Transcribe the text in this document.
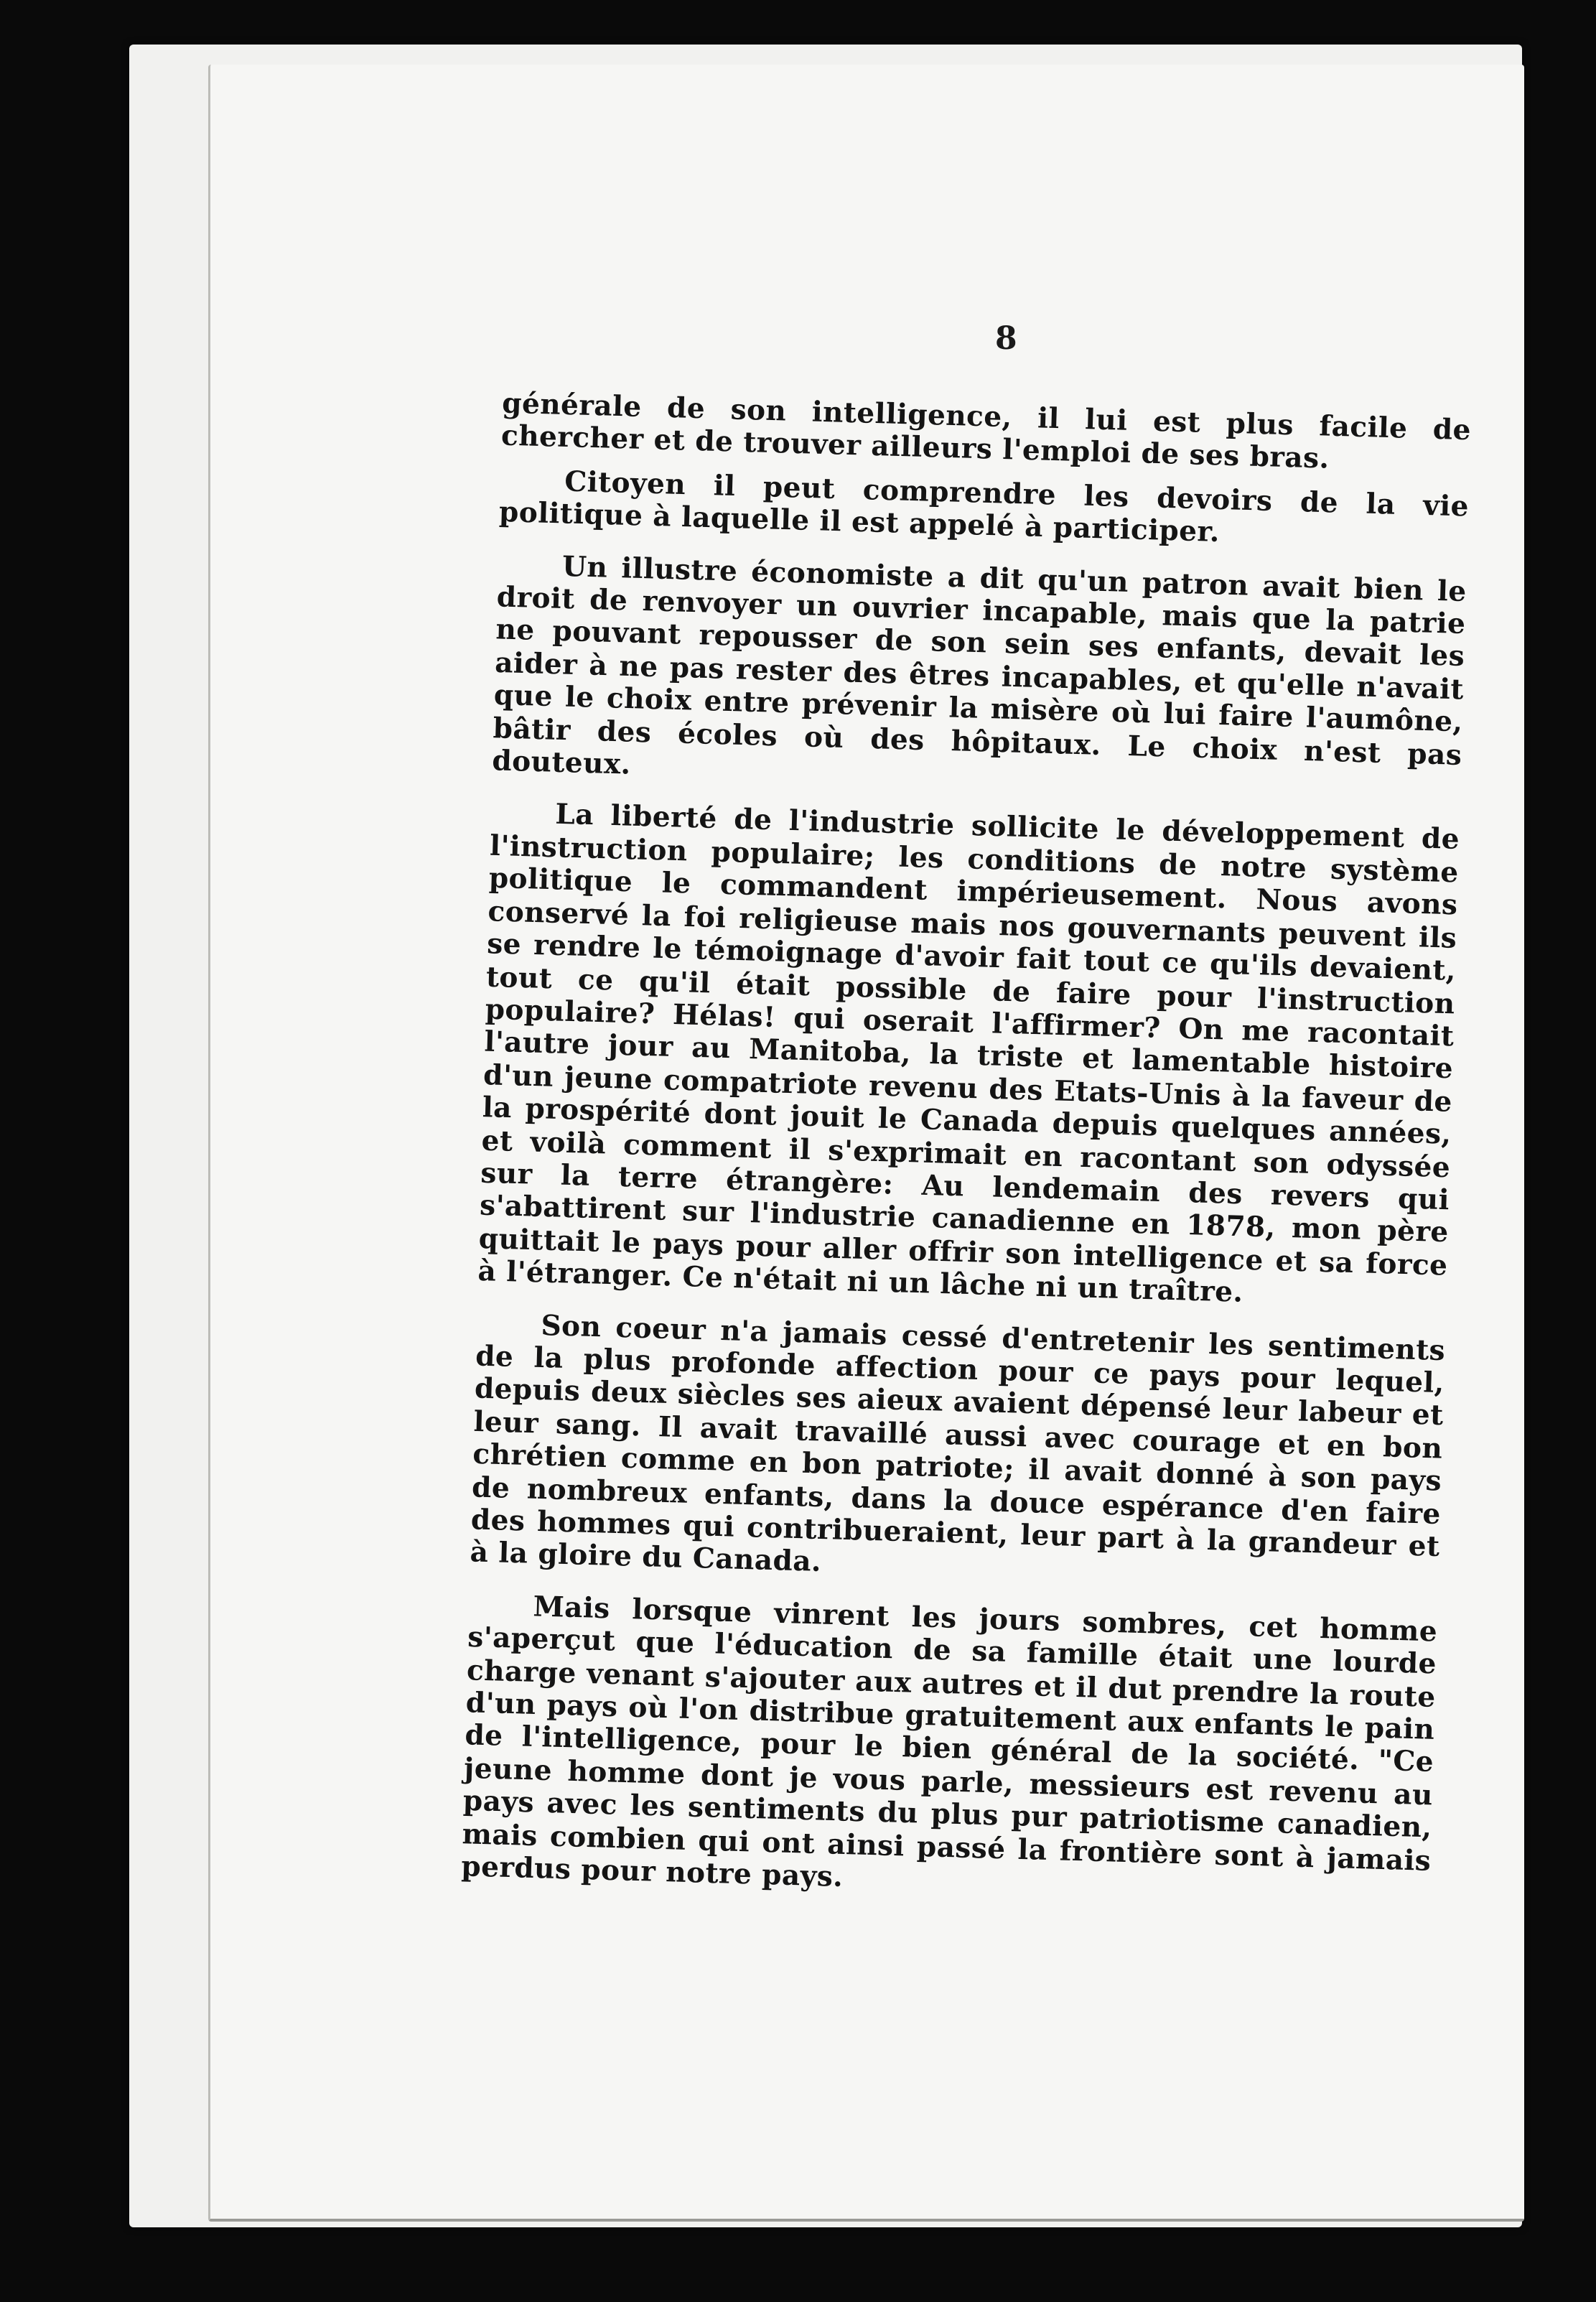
8

générale de son intelligence, il lui est plus facile de chercher et de trouver ailleurs l'emploi de ses bras.

Citoyen il peut comprendre les devoirs de la vie politique à laquelle il est appelé à participer.

Un illustre économiste a dit qu'un patron avait bien le droit de renvoyer un ouvrier incapable, mais que la patrie ne pouvant repousser de son sein ses enfants, devait les aider à ne pas rester des êtres incapables, et qu'elle n'avait que le choix entre prévenir la misère où lui faire l'aumône, bâtir des écoles où des hôpitaux. Le choix n'est pas douteux.

La liberté de l'industrie sollicite le développement de l'instruction populaire; les conditions de notre système politique le commandent impérieusement. Nous avons conservé la foi religieuse mais nos gouvernants peuvent ils se rendre le témoignage d'avoir fait tout ce qu'ils devaient, tout ce qu'il était possible de faire pour l'instruction populaire? Hélas! qui oserait l'affirmer? On me racontait l'autre jour au Manitoba, la triste et lamentable histoire d'un jeune compatriote revenu des Etats-Unis à la faveur de la prospérité dont jouit le Canada depuis quelques années, et voilà comment il s'exprimait en racontant son odyssée sur la terre étrangère: Au lendemain des revers qui s'abattirent sur l'industrie canadienne en 1878, mon père quittait le pays pour aller offrir son intelligence et sa force à l'étranger. Ce n'était ni un lâche ni un traître.

Son coeur n'a jamais cessé d'entretenir les sentiments de la plus profonde affection pour ce pays pour lequel, depuis deux siècles ses aieux avaient dépensé leur labeur et leur sang. Il avait travaillé aussi avec courage et en bon chrétien comme en bon patriote; il avait donné à son pays de nombreux enfants, dans la douce espérance d'en faire des hommes qui contribueraient, leur part à la grandeur et à la gloire du Canada.

Mais lorsque vinrent les jours sombres, cet homme s'aperçut que l'éducation de sa famille était une lourde charge venant s'ajouter aux autres et il dut prendre la route d'un pays où l'on distribue gratuitement aux enfants le pain de l'intelligence, pour le bien général de la société. "Ce jeune homme dont je vous parle, messieurs est revenu au pays avec les sentiments du plus pur patriotisme canadien, mais combien qui ont ainsi passé la frontière sont à jamais perdus pour notre pays.
